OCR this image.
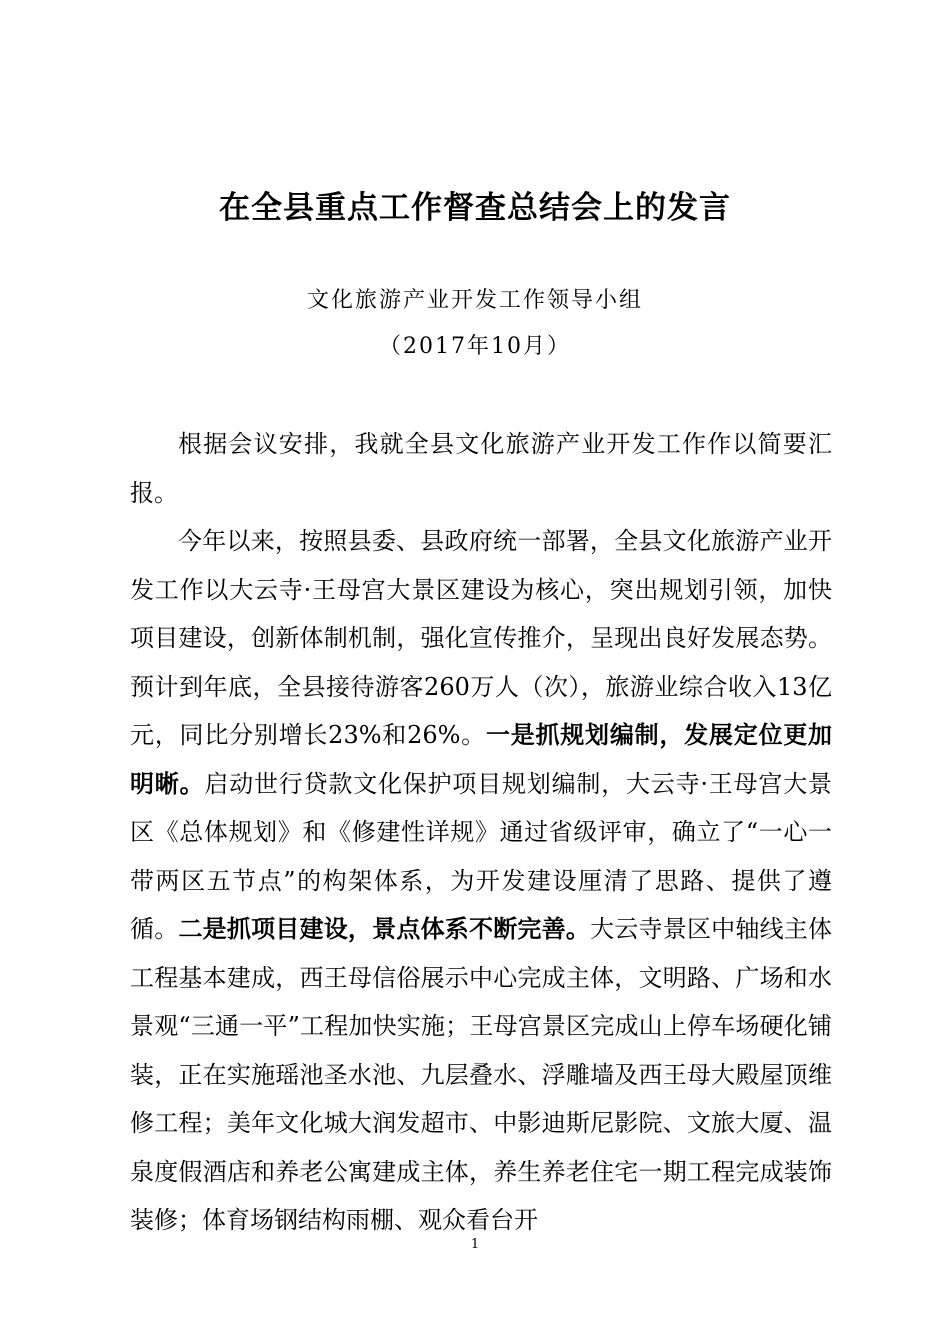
在全县重点工作督查总结会上的发言
文化旅游产业开发工作领导小组
（2017年10月）

根据会议安排，我就全县文化旅游产业开发工作作以简要汇报。

今年以来，按照县委、县政府统一部署，全县文化旅游产业开发工作以大云寺·王母宫大景区建设为核心，突出规划引领，加快项目建设，创新体制机制，强化宣传推介，呈现出良好发展态势。预计到年底，全县接待游客260万人（次），旅游业综合收入13亿元，同比分别增长23%和26%。一是抓规划编制，发展定位更加明晰。启动世行贷款文化保护项目规划编制，大云寺·王母宫大景区《总体规划》和《修建性详规》通过省级评审，确立了“一心一带两区五节点”的构架体系，为开发建设厘清了思路、提供了遵循。二是抓项目建设，景点体系不断完善。大云寺景区中轴线主体工程基本建成，西王母信俗展示中心完成主体，文明路、广场和水景观“三通一平”工程加快实施；王母宫景区完成山上停车场硬化铺装，正在实施瑶池圣水池、九层叠水、浮雕墙及西王母大殿屋顶维修工程；美年文化城大润发超市、中影迪斯尼影院、文旅大厦、温泉度假酒店和养老公寓建成主体，养生养老住宅一期工程完成装饰装修；体育场钢结构雨棚、观众看台开

1
